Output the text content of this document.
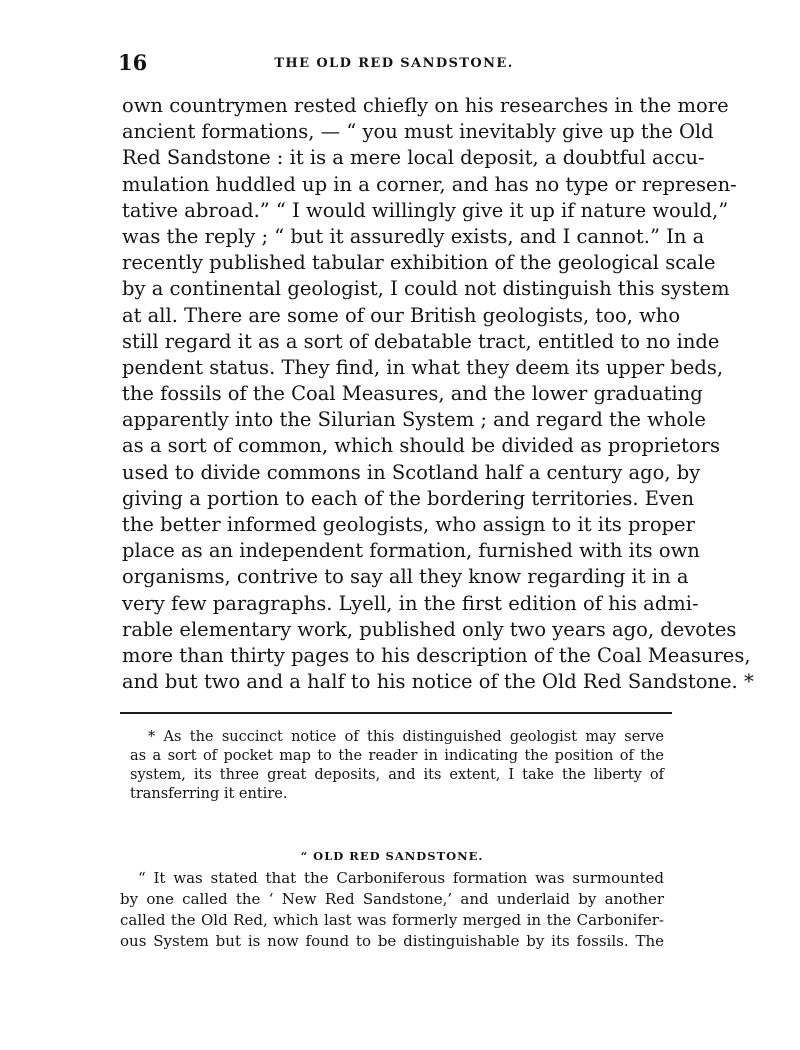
16	THE OLD RED SANDSTONE.
own countrymen rested chiefly on his researches in the more
ancient formations, — “ you must inevitably give up the Old
Red Sandstone : it is a mere local deposit, a doubtful accu-
mulation huddled up in a corner, and has no type or represen-
tative abroad.” “ I would willingly give it up if nature would,”
was the reply ; “ but it assuredly exists, and I cannot.” In a
recently published tabular exhibition of the geological scale
by a continental geologist, I could not distinguish this system
at all. There are some of our British geologists, too, who
still regard it as a sort of debatable tract, entitled to no inde
pendent status. They find, in what they deem its upper beds,
the fossils of the Coal Measures, and the lower graduating
apparently into the Silurian System ; and regard the whole
as a sort of common, which should be divided as proprietors
used to divide commons in Scotland half a century ago, by
giving a portion to each of the bordering territories. Even
the better informed geologists, who assign to it its proper
place as an independent formation, furnished with its own
organisms, contrive to say all they know regarding it in a
very few paragraphs. Lyell, in the first edition of his admi-
rable elementary work, published only two years ago, devotes
more than thirty pages to his description of the Coal Measures,
and but two and a half to his notice of the Old Red Sandstone. *
* As the succinct notice of this distinguished geologist may serve
as a sort of pocket map to the reader in indicating the position of the
system, its three great deposits, and its extent, I take the liberty of
transferring it entire.
“ OLD RED SANDSTONE.
“ It was stated that the Carboniferous formation was surmounted
by one called the ‘ New Red Sandstone,’ and underlaid by another
called the Old Red, which last was formerly merged in the Carbonifer-
ous System but is now found to be distinguishable by its fossils. The
